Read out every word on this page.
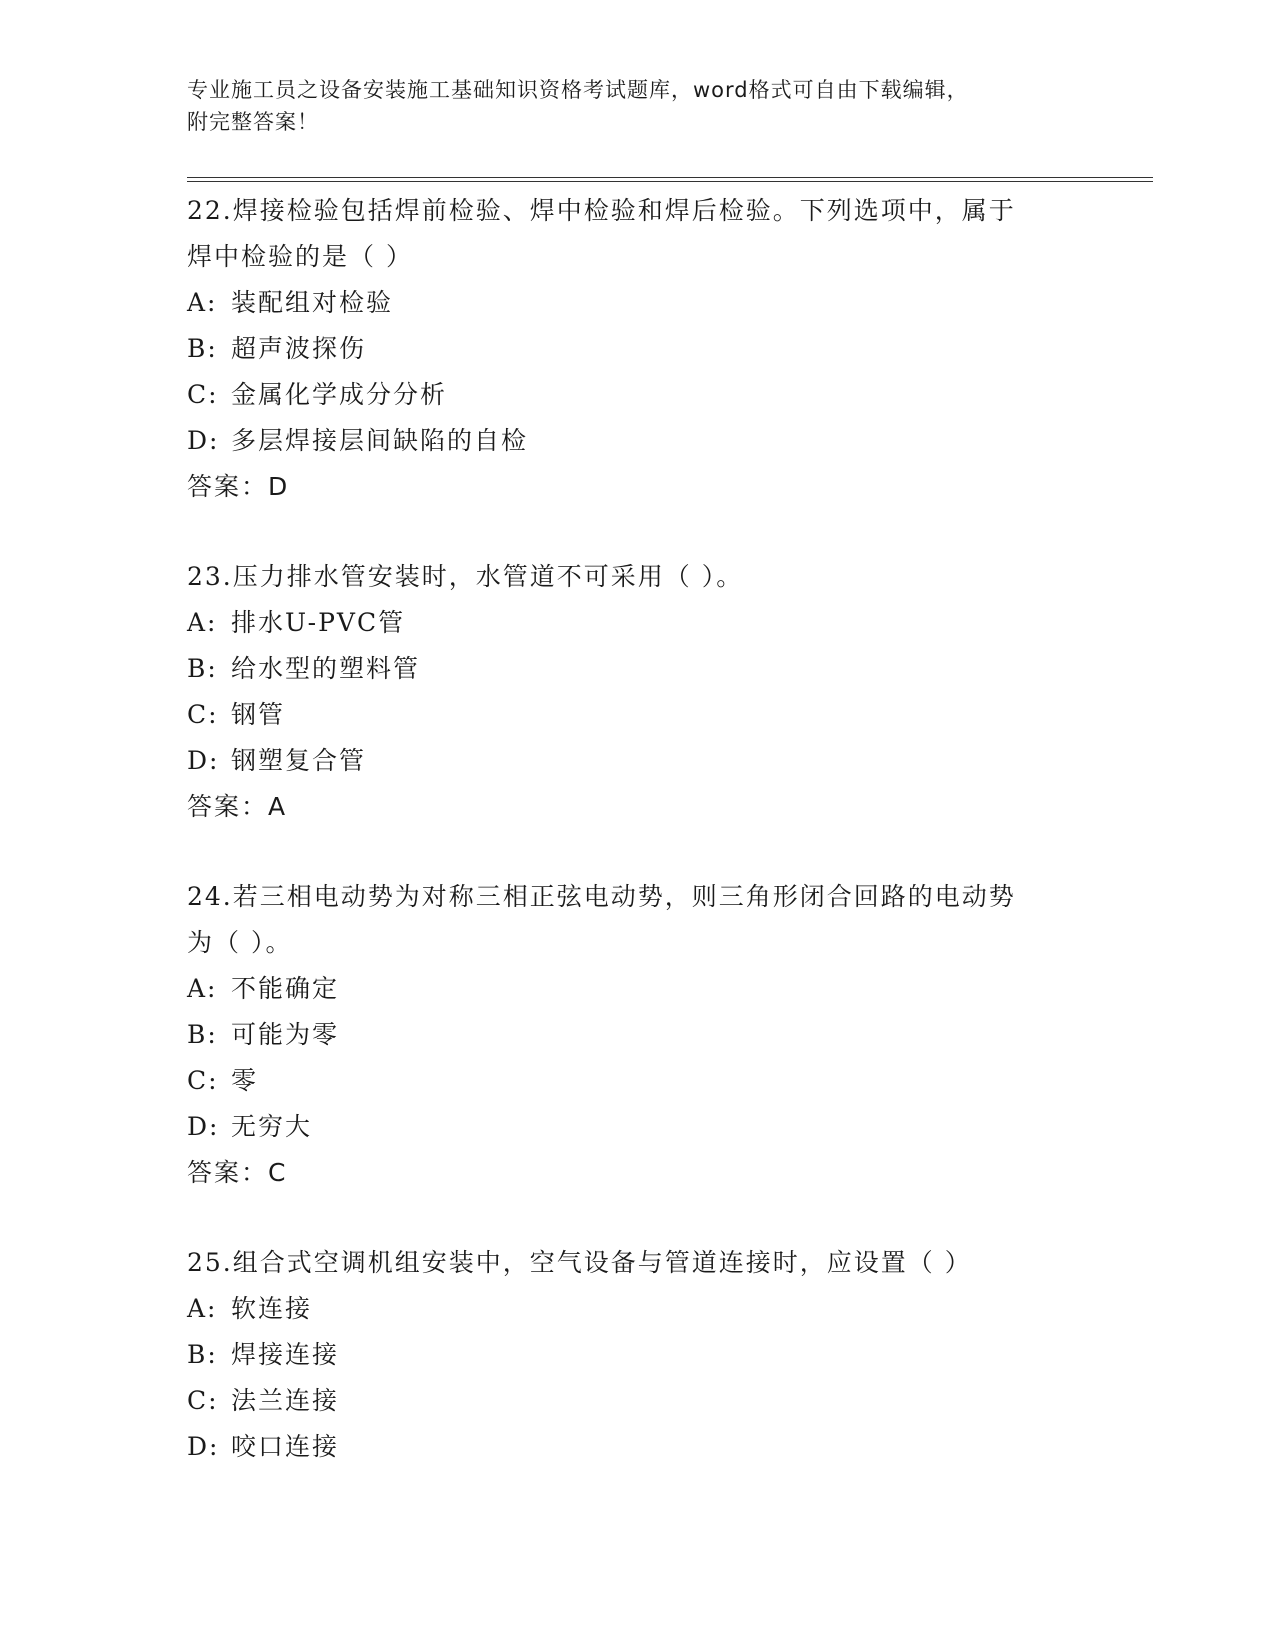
专业施工员之设备安装施工基础知识资格考试题库，word格式可自由下载编辑，
附完整答案！
22.焊接检验包括焊前检验、焊中检验和焊后检验。下列选项中，属于
焊中检验的是（ ）
A: 装配组对检验
B: 超声波探伤
C: 金属化学成分分析
D: 多层焊接层间缺陷的自检
答案：D
23.压力排水管安装时，水管道不可采用（ ）。
A: 排水U-PVC管
B: 给水型的塑料管
C: 钢管
D: 钢塑复合管
答案：A
24.若三相电动势为对称三相正弦电动势，则三角形闭合回路的电动势
为（ ）。
A: 不能确定
B: 可能为零
C: 零
D: 无穷大
答案：C
25.组合式空调机组安装中，空气设备与管道连接时，应设置（ ）
A: 软连接
B: 焊接连接
C: 法兰连接
D: 咬口连接
